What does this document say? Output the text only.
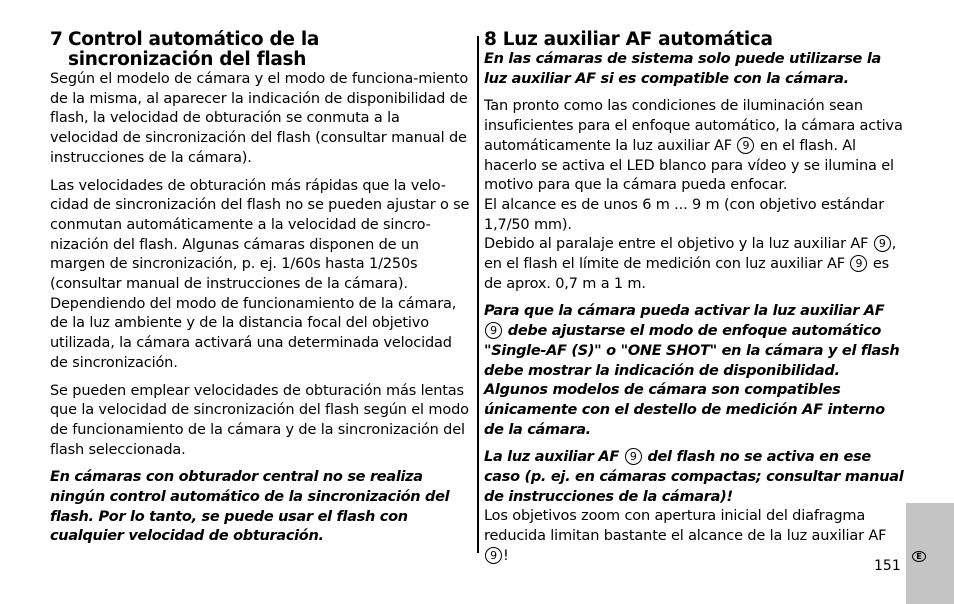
7 Control automático de la sincronización del flash

Según el modelo de cámara y el modo de funciona-miento de la misma, al aparecer la indicación de disponibilidad de flash, la velocidad de obturación se conmuta a la velocidad de sincronización del flash (consultar manual de instrucciones de la cámara).

Las velocidades de obturación más rápidas que la velo-cidad de sincronización del flash no se pueden ajustar o se conmutan automáticamente a la velocidad de sincro-nización del flash. Algunas cámaras disponen de un margen de sincronización, p. ej. 1/60s hasta 1/250s (consultar manual de instrucciones de la cámara). Dependiendo del modo de funcionamiento de la cámara, de la luz ambiente y de la distancia focal del objetivo utilizada, la cámara activará una determinada velocidad de sincronización.

Se pueden emplear velocidades de obturación más lentas que la velocidad de sincronización del flash según el modo de funcionamiento de la cámara y de la sincronización del flash seleccionada.

En cámaras con obturador central no se realiza ningún control automático de la sincronización del flash. Por lo tanto, se puede usar el flash con cualquier velocidad de obturación.

8 Luz auxiliar AF automática

En las cámaras de sistema solo puede utilizarse la luz auxiliar AF si es compatible con la cámara.

Tan pronto como las condiciones de iluminación sean insuficientes para el enfoque automático, la cámara activa automáticamente la luz auxiliar AF 9 en el flash. Al hacerlo se activa el LED blanco para vídeo y se ilumina el motivo para que la cámara pueda enfocar.
El alcance es de unos 6 m ... 9 m (con objetivo estándar 1,7/50 mm).
Debido al paralaje entre el objetivo y la luz auxiliar AF 9 , en el flash el límite de medición con luz auxiliar AF 9 es de aprox. 0,7 m a 1 m.

Para que la cámara pueda activar la luz auxiliar AF 9 debe ajustarse el modo de enfoque automático "Single-AF (S)" o "ONE SHOT" en la cámara y el flash debe mostrar la indicación de disponibilidad. Algunos modelos de cámara son compatibles únicamente con el destello de medición AF interno de la cámara.

La luz auxiliar AF 9 del flash no se activa en ese caso (p. ej. en cámaras compactas; consultar manual de instrucciones de la cámara)!

Los objetivos zoom con apertura inicial del diafragma reducida limitan bastante el alcance de la luz auxiliar AF 9 !

151
E
